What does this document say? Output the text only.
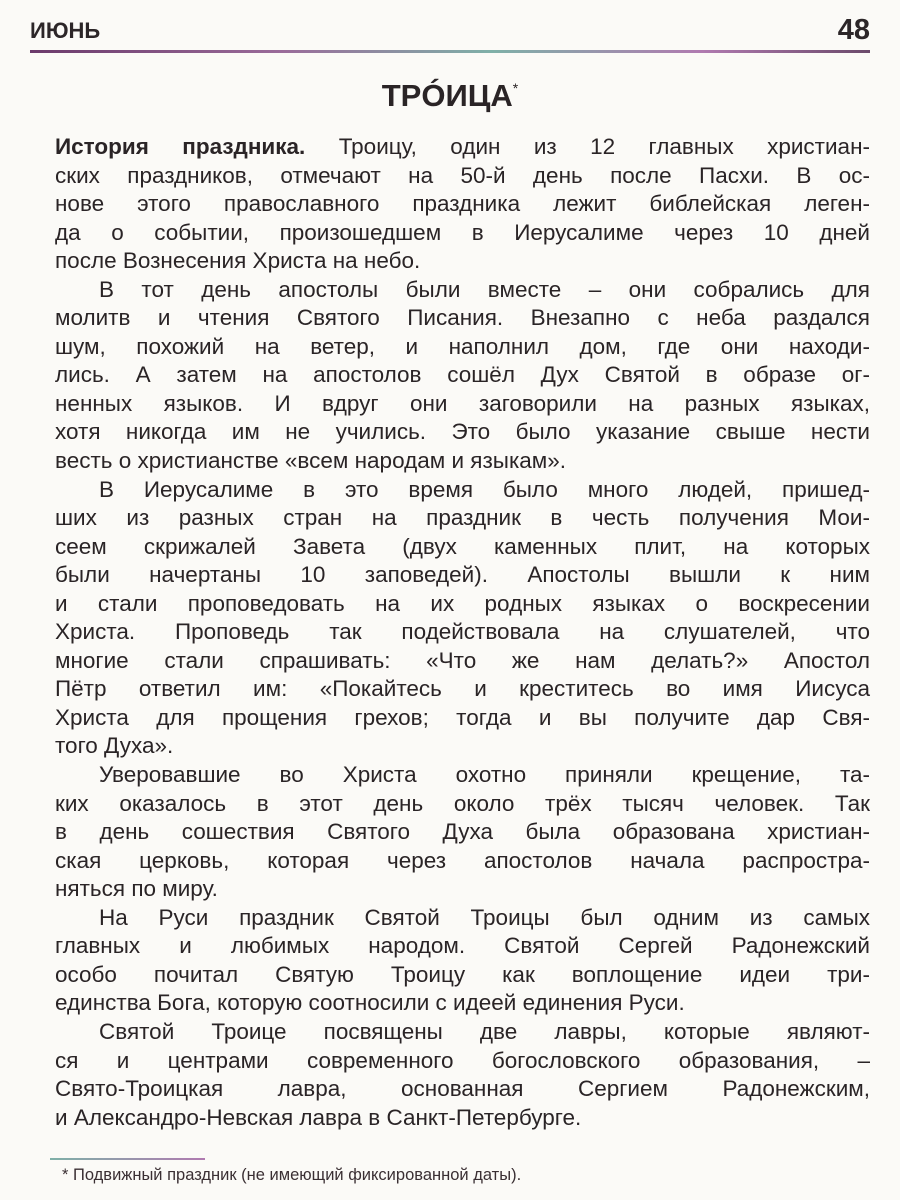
ИЮНЬ	48
ТРÓИЦА*
История праздника. Троицу, один из 12 главных христиан-
ских праздников, отмечают на 50-й день после Пасхи. В ос-
нове этого православного праздника лежит библейская леген-
да о событии, произошедшем в Иерусалиме через 10 дней
после Вознесения Христа на небо.
В тот день апостолы были вместе – они собрались для
молитв и чтения Святого Писания. Внезапно с неба раздался
шум, похожий на ветер, и наполнил дом, где они находи-
лись. А затем на апостолов сошёл Дух Святой в образе ог-
ненных языков. И вдруг они заговорили на разных языках,
хотя никогда им не учились. Это было указание свыше нести
весть о христианстве «всем народам и языкам».
В Иерусалиме в это время было много людей, пришед-
ших из разных стран на праздник в честь получения Мои-
сеем скрижалей Завета (двух каменных плит, на которых
были начертаны 10 заповедей). Апостолы вышли к ним
и стали проповедовать на их родных языках о воскресении
Христа. Проповедь так подействовала на слушателей, что
многие стали спрашивать: «Что же нам делать?» Апостол
Пётр ответил им: «Покайтесь и креститесь во имя Иисуса
Христа для прощения грехов; тогда и вы получите дар Свя-
того Духа».
Уверовавшие во Христа охотно приняли крещение, та-
ких оказалось в этот день около трёх тысяч человек. Так
в день сошествия Святого Духа была образована христиан-
ская церковь, которая через апостолов начала распростра-
няться по миру.
На Руси праздник Святой Троицы был одним из самых
главных и любимых народом. Святой Сергей Радонежский
особо почитал Святую Троицу как воплощение идеи три-
единства Бога, которую соотносили с идеей единения Руси.
Святой Троице посвящены две лавры, которые являют-
ся и центрами современного богословского образования, –
Свято-Троицкая лавра, основанная Сергием Радонежским,
и Александро-Невская лавра в Санкт-Петербурге.
* Подвижный праздник (не имеющий фиксированной даты).
